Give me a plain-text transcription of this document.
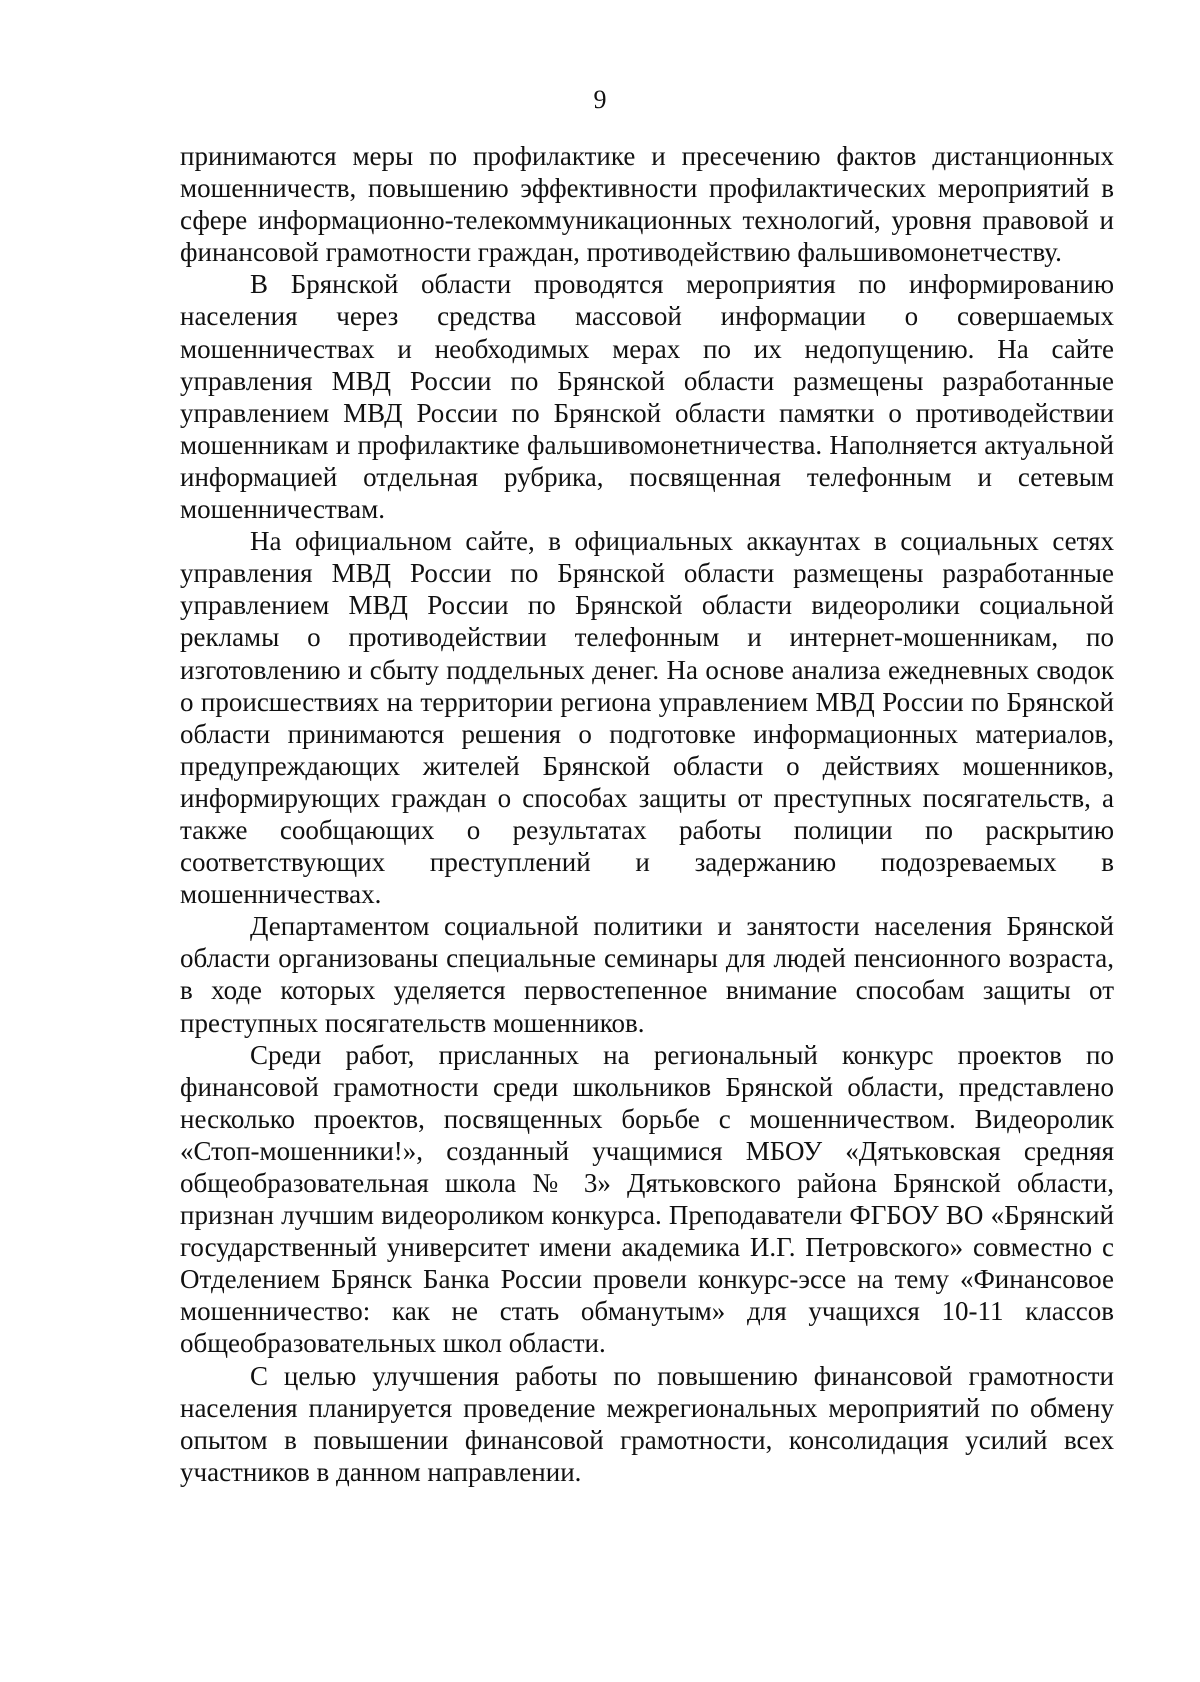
9

принимаются меры по профилактике и пресечению фактов дистанционных мошенничеств, повышению эффективности профилактических мероприятий в сфере информационно-телекоммуникационных технологий, уровня правовой и финансовой грамотности граждан, противодействию фальшивомонетчеству.

В Брянской области проводятся мероприятия по информированию населения через средства массовой информации о совершаемых мошенничествах и необходимых мерах по их недопущению. На сайте управления МВД России по Брянской области размещены разработанные управлением МВД России по Брянской области памятки о противодействии мошенникам и профилактике фальшивомонетничества. Наполняется актуальной информацией отдельная рубрика, посвященная телефонным и сетевым мошенничествам.

На официальном сайте, в официальных аккаунтах в социальных сетях управления МВД России по Брянской области размещены разработанные управлением МВД России по Брянской области видеоролики социальной рекламы о противодействии телефонным и интернет-мошенникам, по изготовлению и сбыту поддельных денег. На основе анализа ежедневных сводок о происшествиях на территории региона управлением МВД России по Брянской области принимаются решения о подготовке информационных материалов, предупреждающих жителей Брянской области о действиях мошенников, информирующих граждан о способах защиты от преступных посягательств, а также сообщающих о результатах работы полиции по раскрытию соответствующих преступлений и задержанию подозреваемых в мошенничествах.

Департаментом социальной политики и занятости населения Брянской области организованы специальные семинары для людей пенсионного возраста, в ходе которых уделяется первостепенное внимание способам защиты от преступных посягательств мошенников.

Среди работ, присланных на региональный конкурс проектов по финансовой грамотности среди школьников Брянской области, представлено несколько проектов, посвященных борьбе с мошенничеством. Видеоролик «Стоп-мошенники!», созданный учащимися МБОУ «Дятьковская средняя общеобразовательная школа № 3» Дятьковского района Брянской области, признан лучшим видеороликом конкурса. Преподаватели ФГБОУ ВО «Брянский государственный университет имени академика И.Г. Петровского» совместно с Отделением Брянск Банка России провели конкурс-эссе на тему «Финансовое мошенничество: как не стать обманутым» для учащихся 10-11 классов общеобразовательных школ области.

С целью улучшения работы по повышению финансовой грамотности населения планируется проведение межрегиональных мероприятий по обмену опытом в повышении финансовой грамотности, консолидация усилий всех участников в данном направлении.
